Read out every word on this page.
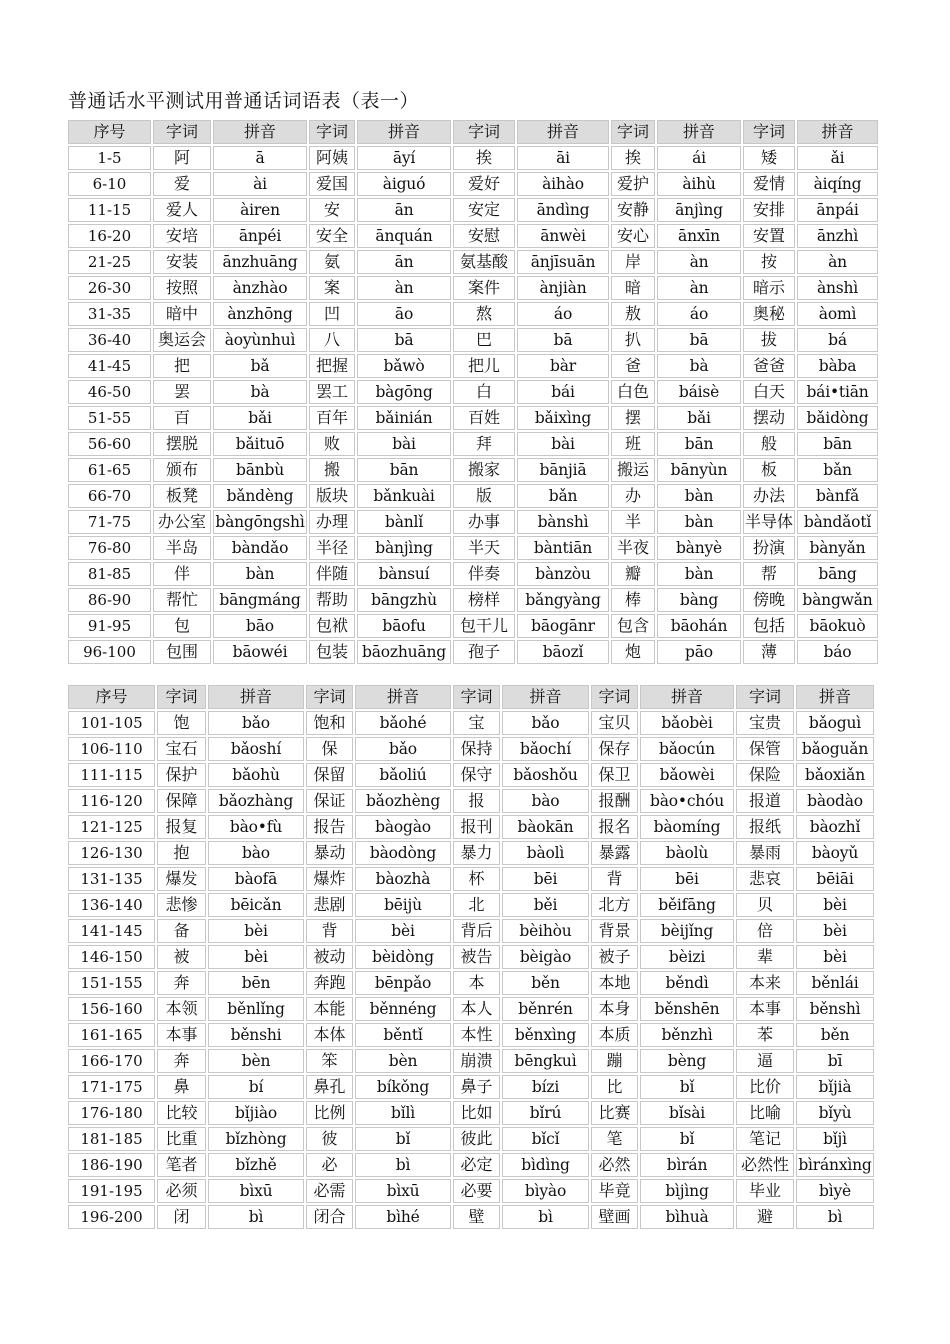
普通话水平测试用普通话词语表（表一）
序号	字词	拼音	字词	拼音	字词	拼音	字词	拼音	字词	拼音
1-5	阿	ā	阿姨	āyí	挨	āi	挨	ái	矮	ǎi
6-10	爱	ài	爱国	àiguó	爱好	àihào	爱护	àihù	爱情	àiqíng
11-15	爱人	àiren	安	ān	安定	āndìng	安静	ānjìng	安排	ānpái
16-20	安培	ānpéi	安全	ānquán	安慰	ānwèi	安心	ānxīn	安置	ānzhì
21-25	安装	ānzhuāng	氨	ān	氨基酸	ānjīsuān	岸	àn	按	àn
26-30	按照	ànzhào	案	àn	案件	ànjiàn	暗	àn	暗示	ànshì
31-35	暗中	ànzhōng	凹	āo	熬	áo	敖	áo	奥秘	àomì
36-40	奥运会	àoyùnhuì	八	bā	巴	bā	扒	bā	拔	bá
41-45	把	bǎ	把握	bǎwò	把儿	bàr	爸	bà	爸爸	bàba
46-50	罢	bà	罢工	bàgōng	白	bái	白色	báisè	白天	bái•tiān
51-55	百	bǎi	百年	bǎinián	百姓	bǎixìng	摆	bǎi	摆动	bǎidòng
56-60	摆脱	bǎituō	败	bài	拜	bài	班	bān	般	bān
61-65	颁布	bānbù	搬	bān	搬家	bānjiā	搬运	bānyùn	板	bǎn
66-70	板凳	bǎndèng	版块	bǎnkuài	版	bǎn	办	bàn	办法	bànfǎ
71-75	办公室	bàngōngshì	办理	bànlǐ	办事	bànshì	半	bàn	半导体	bàndǎotǐ
76-80	半岛	bàndǎo	半径	bànjìng	半天	bàntiān	半夜	bànyè	扮演	bànyǎn
81-85	伴	bàn	伴随	bànsuí	伴奏	bànzòu	瓣	bàn	帮	bāng
86-90	帮忙	bāngmáng	帮助	bāngzhù	榜样	bǎngyàng	棒	bàng	傍晚	bàngwǎn
91-95	包	bāo	包袱	bāofu	包干儿	bāogānr	包含	bāohán	包括	bāokuò
96-100	包围	bāowéi	包装	bāozhuāng	孢子	bāozǐ	炮	pāo	薄	báo
序号	字词	拼音	字词	拼音	字词	拼音	字词	拼音	字词	拼音
101-105	饱	bǎo	饱和	bǎohé	宝	bǎo	宝贝	bǎobèi	宝贵	bǎoguì
106-110	宝石	bǎoshí	保	bǎo	保持	bǎochí	保存	bǎocún	保管	bǎoguǎn
111-115	保护	bǎohù	保留	bǎoliú	保守	bǎoshǒu	保卫	bǎowèi	保险	bǎoxiǎn
116-120	保障	bǎozhàng	保证	bǎozhèng	报	bào	报酬	bào•chóu	报道	bàodào
121-125	报复	bào•fù	报告	bàogào	报刊	bàokān	报名	bàomíng	报纸	bàozhǐ
126-130	抱	bào	暴动	bàodòng	暴力	bàolì	暴露	bàolù	暴雨	bàoyǔ
131-135	爆发	bàofā	爆炸	bàozhà	杯	bēi	背	bēi	悲哀	bēiāi
136-140	悲惨	bēicǎn	悲剧	bēijù	北	běi	北方	běifāng	贝	bèi
141-145	备	bèi	背	bèi	背后	bèihòu	背景	bèijǐng	倍	bèi
146-150	被	bèi	被动	bèidòng	被告	bèigào	被子	bèizi	辈	bèi
151-155	奔	bēn	奔跑	bēnpǎo	本	běn	本地	běndì	本来	běnlái
156-160	本领	běnlǐng	本能	běnnéng	本人	běnrén	本身	běnshēn	本事	běnshì
161-165	本事	běnshi	本体	běntǐ	本性	běnxìng	本质	běnzhì	苯	běn
166-170	奔	bèn	笨	bèn	崩溃	bēngkuì	蹦	bèng	逼	bī
171-175	鼻	bí	鼻孔	bíkǒng	鼻子	bízi	比	bǐ	比价	bǐjià
176-180	比较	bǐjiào	比例	bǐlì	比如	bǐrú	比赛	bǐsài	比喻	bǐyù
181-185	比重	bǐzhòng	彼	bǐ	彼此	bǐcǐ	笔	bǐ	笔记	bǐjì
186-190	笔者	bǐzhě	必	bì	必定	bìdìng	必然	bìrán	必然性	bìránxìng
191-195	必须	bìxū	必需	bìxū	必要	bìyào	毕竟	bìjìng	毕业	bìyè
196-200	闭	bì	闭合	bìhé	壁	bì	壁画	bìhuà	避	bì
